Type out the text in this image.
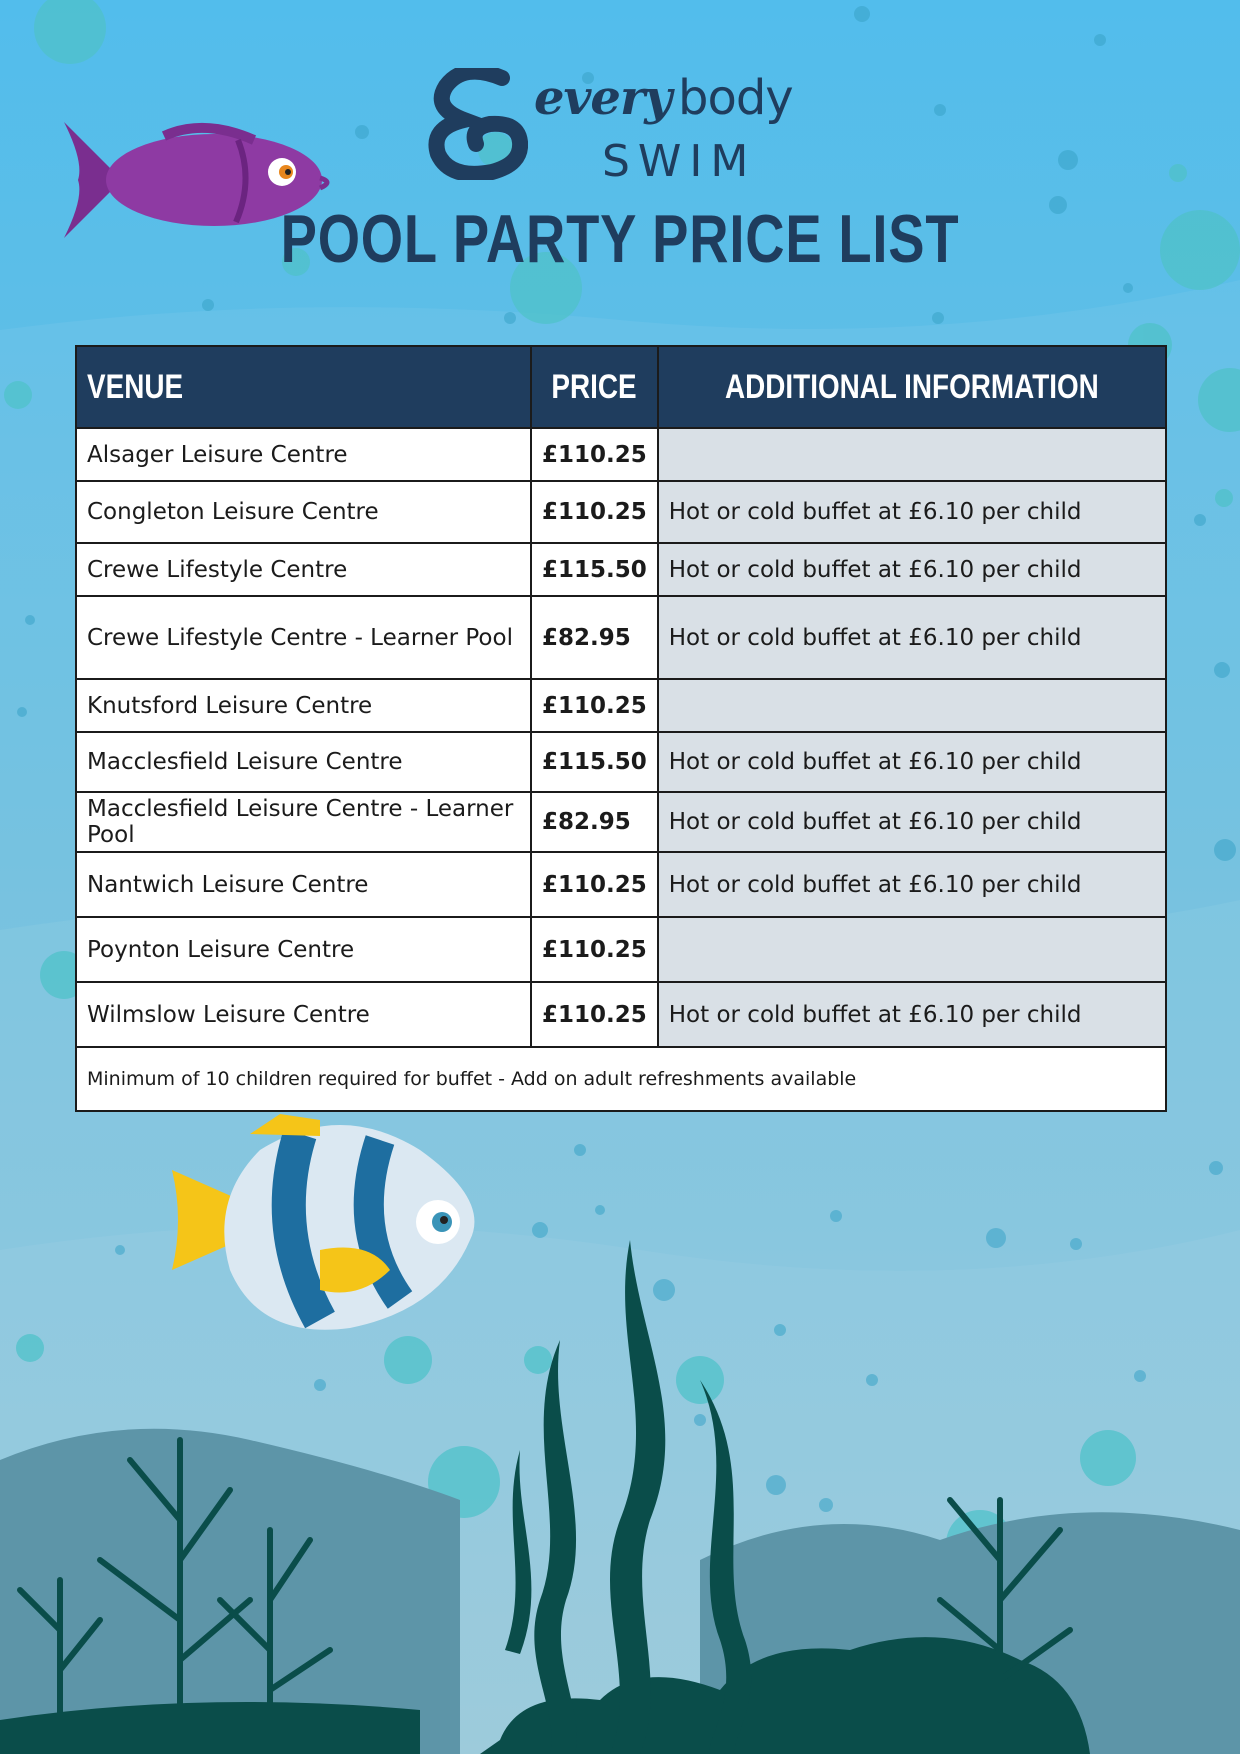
every body
SWIM
POOL PARTY PRICE LIST
VENUE	PRICE	ADDITIONAL INFORMATION
Alsager Leisure Centre	£110.25	
Congleton Leisure Centre	£110.25	Hot or cold buffet at £6.10 per child
Crewe Lifestyle Centre	£115.50	Hot or cold buffet at £6.10 per child
Crewe Lifestyle Centre - Learner Pool	£82.95	Hot or cold buffet at £6.10 per child
Knutsford Leisure Centre	£110.25	
Macclesfield Leisure Centre	£115.50	Hot or cold buffet at £6.10 per child
Macclesfield Leisure Centre - Learner Pool	£82.95	Hot or cold buffet at £6.10 per child
Nantwich Leisure Centre	£110.25	Hot or cold buffet at £6.10 per child
Poynton Leisure Centre	£110.25	
Wilmslow Leisure Centre	£110.25	Hot or cold buffet at £6.10 per child
Minimum of 10 children required for buffet - Add on adult refreshments available		
